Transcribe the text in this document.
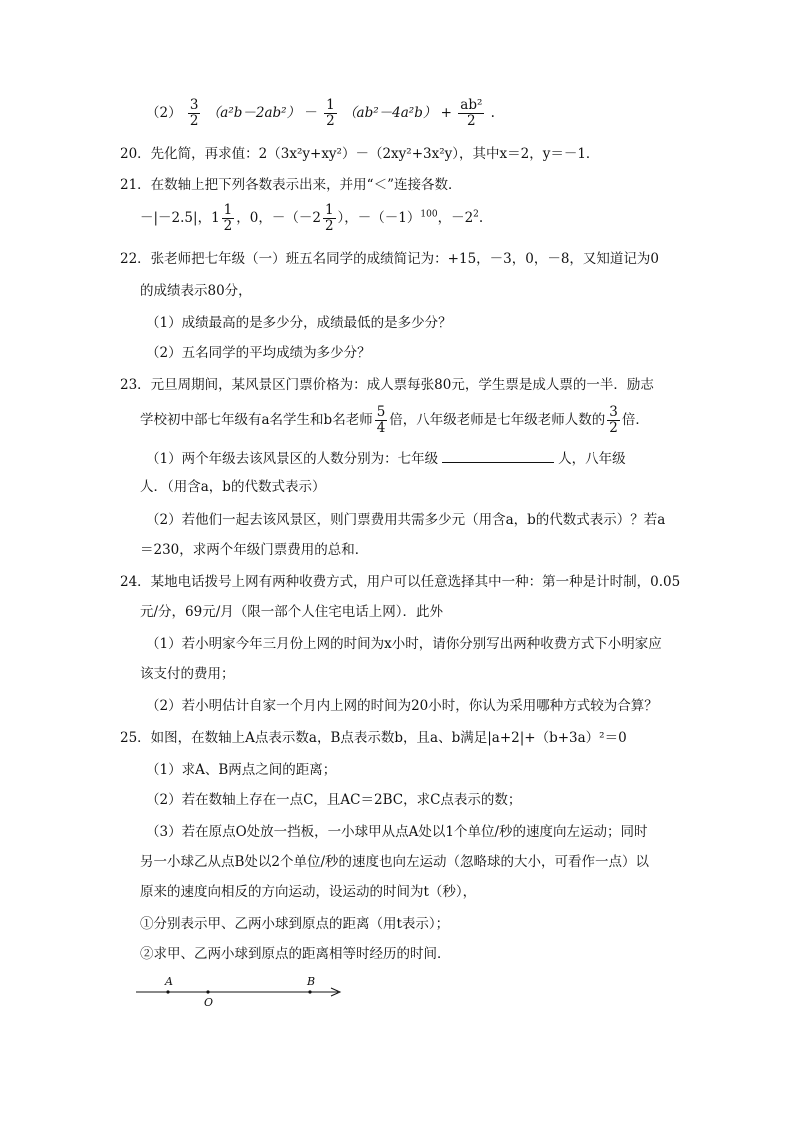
$(2) \frac{3}{2} (a^2b-2ab^2) - \frac{1}{2} (ab^2-4a^2b) + \frac{\text{ab²}}{2}$ .
20．先化简，再求值：2（3x²y+xy²）－（2xy²+3x²y），其中x＝2，y＝－1．
21．在数轴上把下列各数表示出来，并用“＜”连接各数．
－|－2.5|，$1 \frac{1}{2}$ ，0，$-(-2 \frac{1}{2}$ ），$-(-1)^{100}$，$-2^2$.
22．张老师把七年级（一）班五名同学的成绩简记为：+15，－3，0，－8，又知道记为0
的成绩表示80分，
（1）成绩最高的是多少分，成绩最低的是多少分？
（2）五名同学的平均成绩为多少分？
23．元旦周期间，某风景区门票价格为：成人票每张80元，学生票是成人票的一半．励志
学校初中部七年级有a名学生和b名老师 $\frac{5}{4}$ 倍，八年级老师是七年级老师人数的 $\frac{3}{2}$ 倍．
（1）两个年级去该风景区的人数分别为：七年级	人，八年级
人．（用含a，b的代数式表示）
（2）若他们一起去该风景区，则门票费用共需多少元（用含a，b的代数式表示）？若a
＝230，求两个年级门票费用的总和．
24．某地电话拨号上网有两种收费方式，用户可以任意选择其中一种：第一种是计时制，0.05
元/分，69元/月（限一部个人住宅电话上网）．此外
（1）若小明家今年三月份上网的时间为x小时，请你分别写出两种收费方式下小明家应
该支付的费用；
（2）若小明估计自家一个月内上网的时间为20小时，你认为采用哪种方式较为合算？
25．如图，在数轴上A点表示数a，B点表示数b，且a、b满足|a+2|+（b+3a）²＝0
（1）求A、B两点之间的距离；
（2）若在数轴上存在一点C，且AC＝2BC，求C点表示的数；
（3）若在原点O处放一挡板，一小球甲从点A处以1个单位/秒的速度向左运动；同时
另一小球乙从点B处以2个单位/秒的速度也向左运动（忽略球的大小，可看作一点）以
原来的速度向相反的方向运动，设运动的时间为t（秒），
①分别表示甲、乙两小球到原点的距离（用t表示）；
②求甲、乙两小球到原点的距离相等时经历的时间．
A
O
B
